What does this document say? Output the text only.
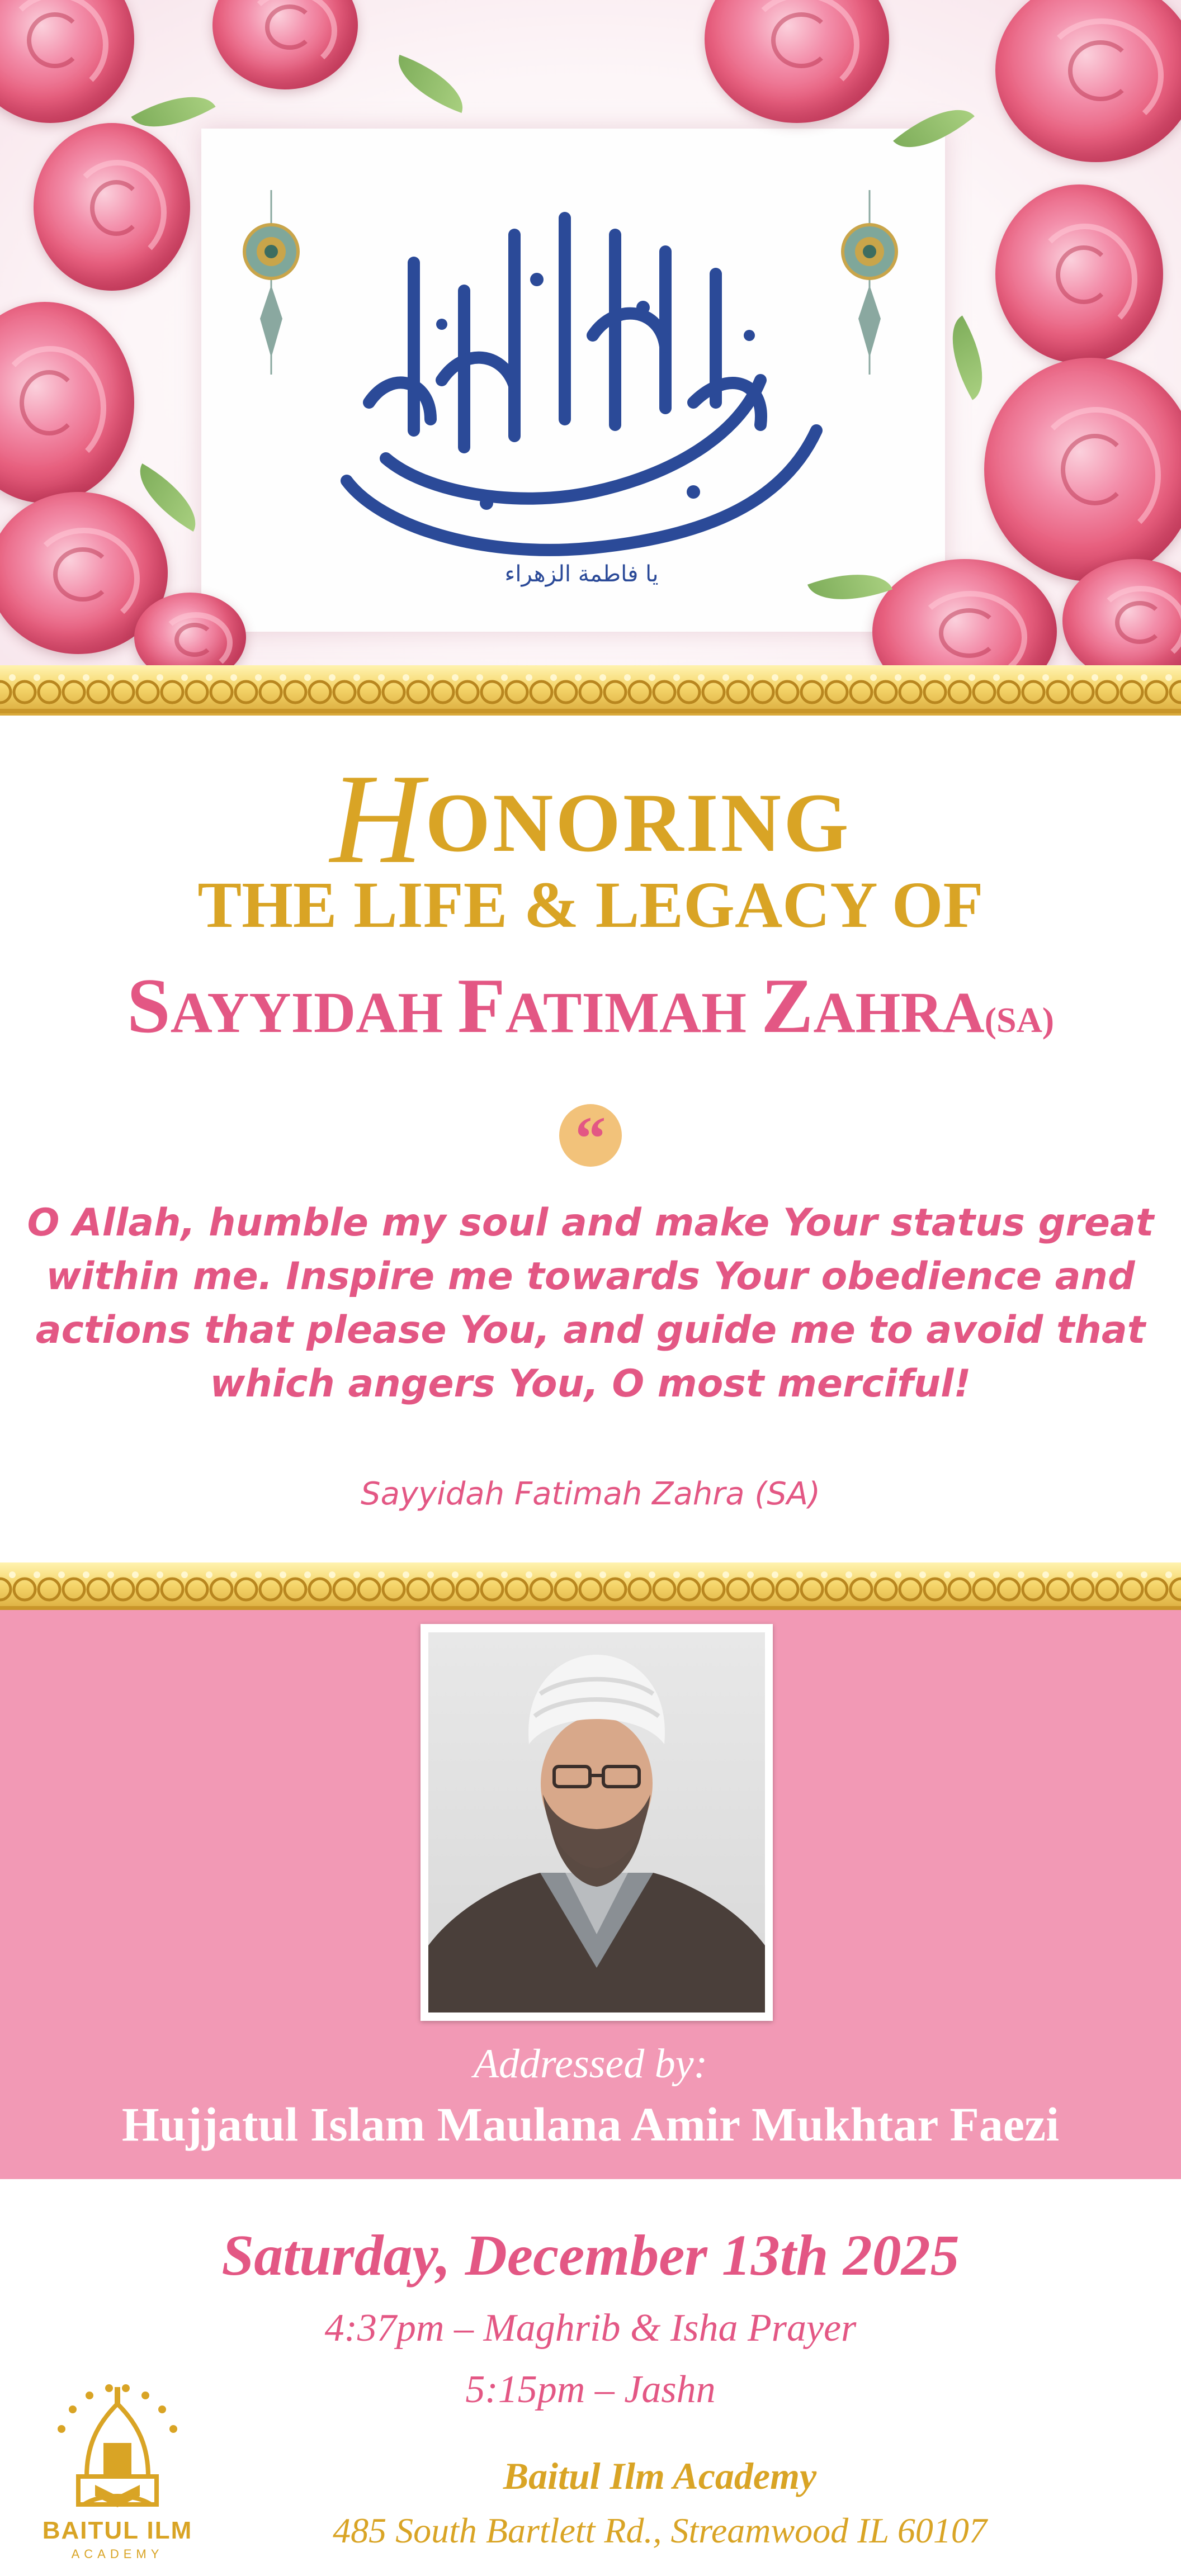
يا فاطمة الزهراء
HONORING
THE LIFE & LEGACY OF
SAYYIDAH FATIMAH ZAHRA(SA)
“
O Allah, humble my soul and make Your status great within me. Inspire me towards Your obedience and actions that please You, and guide me to avoid that which angers You, O most merciful!
Sayyidah Fatimah Zahra (SA)
Addressed by:
Hujjatul Islam Maulana Amir Mukhtar Faezi
Saturday, December 13th 2025
4:37pm – Maghrib & Isha Prayer
5:15pm – Jashn
Baitul Ilm Academy
485 South Bartlett Rd., Streamwood IL 60107
BAITUL ILM
ACADEMY
